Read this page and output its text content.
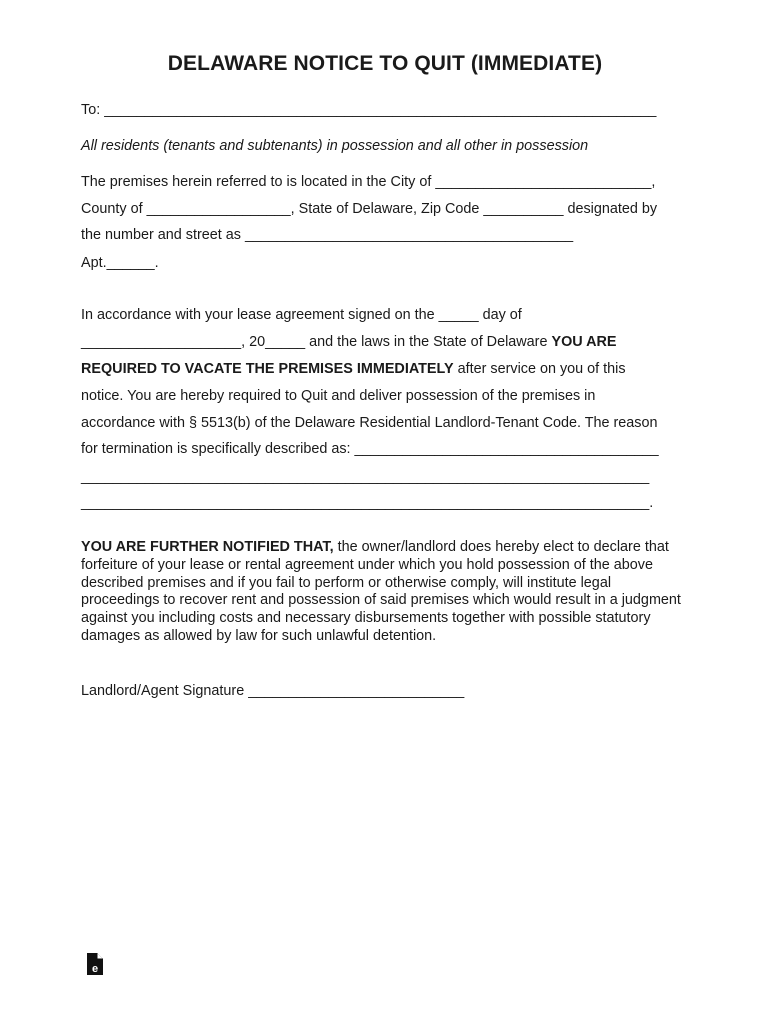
DELAWARE NOTICE TO QUIT (IMMEDIATE)
To: _____________________________________________________________________
All residents (tenants and subtenants) in possession and all other in possession
The premises herein referred to is located in the City of ___________________________,
County of __________________, State of Delaware, Zip Code __________ designated by
the number and street as _________________________________________
Apt.______.
In accordance with your lease agreement signed on the _____ day of
____________________, 20_____ and the laws in the State of Delaware YOU ARE
REQUIRED TO VACATE THE PREMISES IMMEDIATELY after service on you of this
notice. You are hereby required to Quit and deliver possession of the premises in
accordance with § 5513(b) of the Delaware Residential Landlord-Tenant Code. The reason
for termination is specifically described as: ______________________________________
_______________________________________________________________________
_______________________________________________________________________.
YOU ARE FURTHER NOTIFIED THAT, the owner/landlord does hereby elect to declare that forfeiture of your lease or rental agreement under which you hold possession of the above described premises and if you fail to perform or otherwise comply, will institute legal proceedings to recover rent and possession of said premises which would result in a judgment against you including costs and necessary disbursements together with possible statutory damages as allowed by law for such unlawful detention.
Landlord/Agent Signature ___________________________
e
